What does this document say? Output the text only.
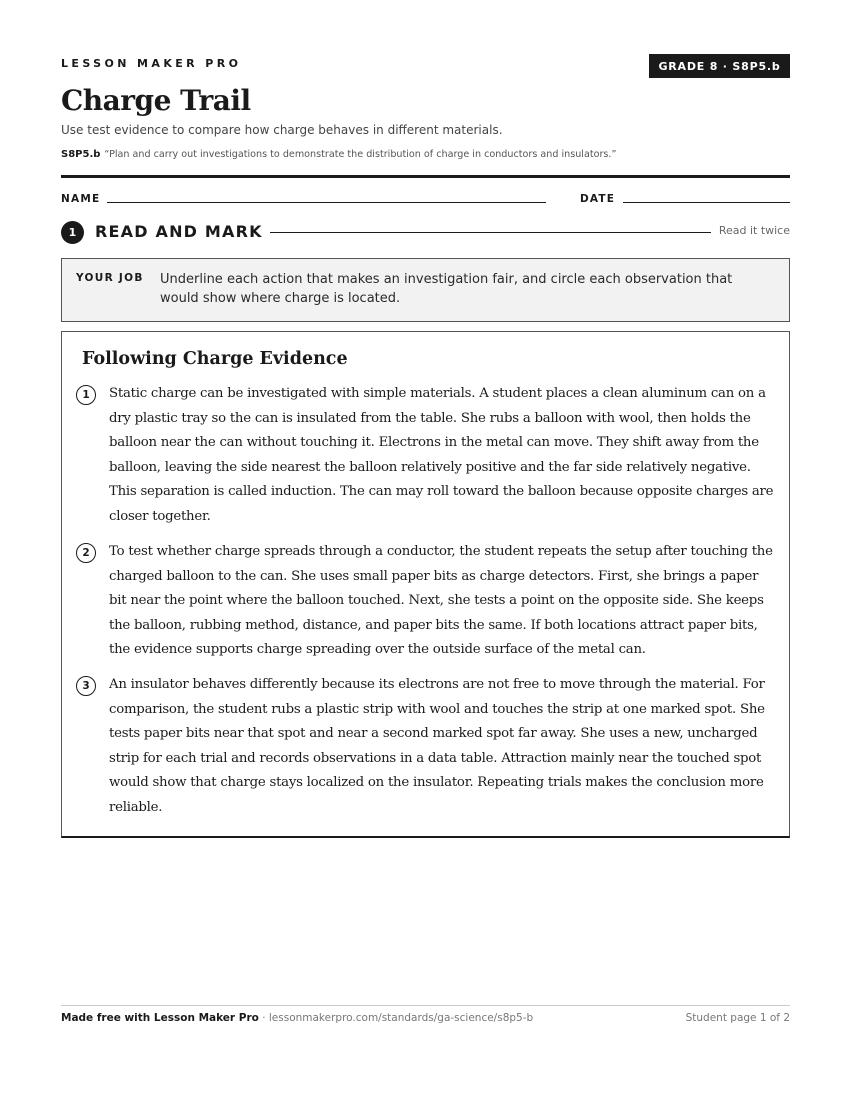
LESSON MAKER PRO	GRADE 8 · S8P5.b
Charge Trail
Use test evidence to compare how charge behaves in different materials.
S8P5.b “Plan and carry out investigations to demonstrate the distribution of charge in conductors and insulators.”
NAME	DATE
1	READ AND MARK	Read it twice
YOUR JOB Underline each action that makes an investigation fair, and circle each observation that would show where charge is located.
Following Charge Evidence
1	Static charge can be investigated with simple materials. A student places a clean aluminum can on a dry plastic tray so the can is insulated from the table. She rubs a balloon with wool, then holds the balloon near the can without touching it. Electrons in the metal can move. They shift away from the balloon, leaving the side nearest the balloon relatively positive and the far side relatively negative. This separation is called induction. The can may roll toward the balloon because opposite charges are closer together.

2	To test whether charge spreads through a conductor, the student repeats the setup after touching the charged balloon to the can. She uses small paper bits as charge detectors. First, she brings a paper bit near the point where the balloon touched. Next, she tests a point on the opposite side. She keeps the balloon, rubbing method, distance, and paper bits the same. If both locations attract paper bits, the evidence supports charge spreading over the outside surface of the metal can.

3	An insulator behaves differently because its electrons are not free to move through the material. For comparison, the student rubs a plastic strip with wool and touches the strip at one marked spot. She tests paper bits near that spot and near a second marked spot far away. She uses a new, uncharged strip for each trial and records observations in a data table. Attraction mainly near the touched spot would show that charge stays localized on the insulator. Repeating trials makes the conclusion more reliable.

Made free with Lesson Maker Pro · lessonmakerpro.com/standards/ga-science/s8p5-b	Student page 1 of 2
